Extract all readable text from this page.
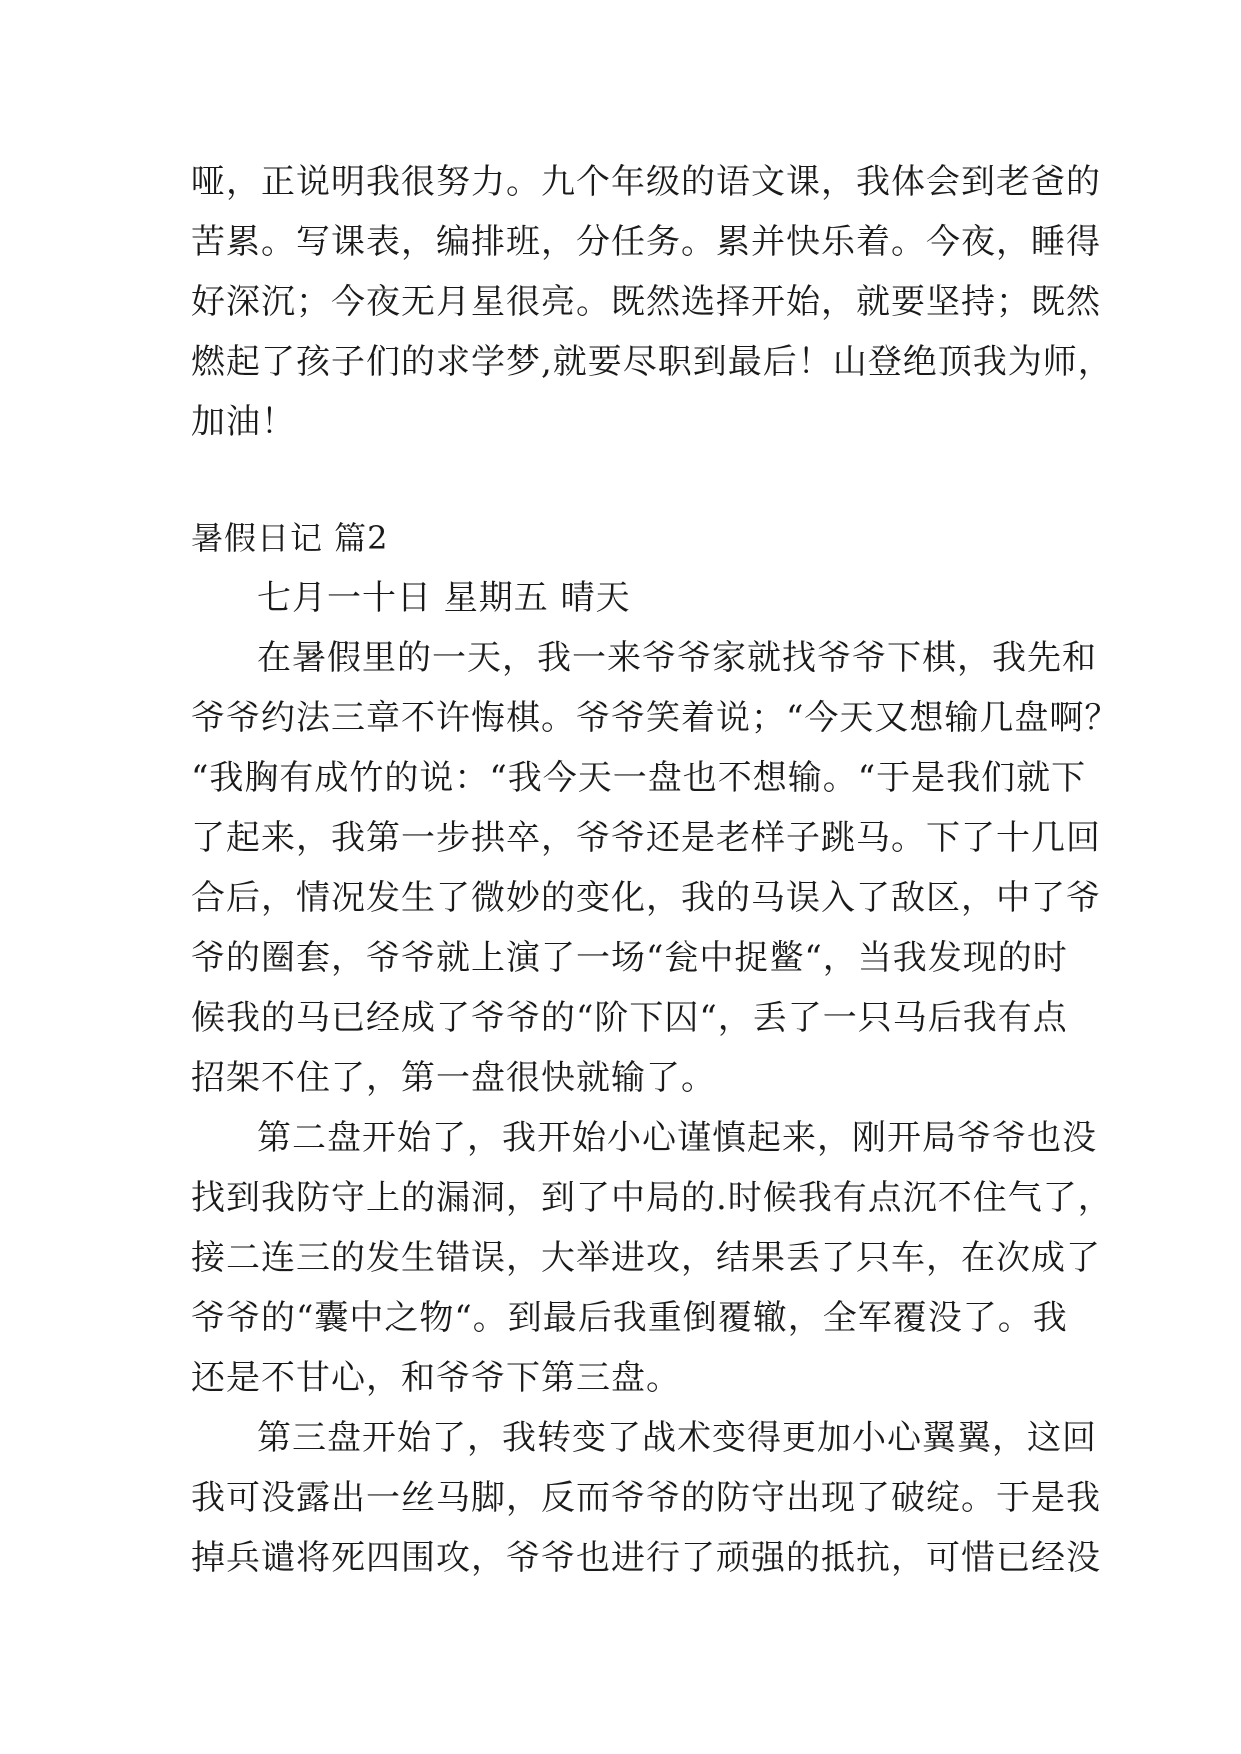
哑，正说明我很努力。九个年级的语文课，我体会到老爸的
苦累。写课表，编排班，分任务。累并快乐着。今夜，睡得
好深沉；今夜无月星很亮。既然选择开始，就要坚持；既然
燃起了孩子们的求学梦,就要尽职到最后！山登绝顶我为师，
加油！
暑假日记 篇2
七月一十日 星期五 晴天
在暑假里的一天，我一来爷爷家就找爷爷下棋，我先和
爷爷约法三章不许悔棋。爷爷笑着说；“今天又想输几盘啊？
“我胸有成竹的说：“我今天一盘也不想输。“于是我们就下
了起来，我第一步拱卒，爷爷还是老样子跳马。下了十几回
合后，情况发生了微妙的变化，我的马误入了敌区，中了爷
爷的圈套，爷爷就上演了一场“瓮中捉鳖“，当我发现的时
候我的马已经成了爷爷的“阶下囚“，丢了一只马后我有点
招架不住了，第一盘很快就输了。
第二盘开始了，我开始小心谨慎起来，刚开局爷爷也没
找到我防守上的漏洞，到了中局的.时候我有点沉不住气了，
接二连三的发生错误，大举进攻，结果丢了只车，在次成了
爷爷的“囊中之物“。到最后我重倒覆辙，全军覆没了。我
还是不甘心，和爷爷下第三盘。
第三盘开始了，我转变了战术变得更加小心翼翼，这回
我可没露出一丝马脚，反而爷爷的防守出现了破绽。于是我
掉兵谴将死四围攻，爷爷也进行了顽强的抵抗，可惜已经没
